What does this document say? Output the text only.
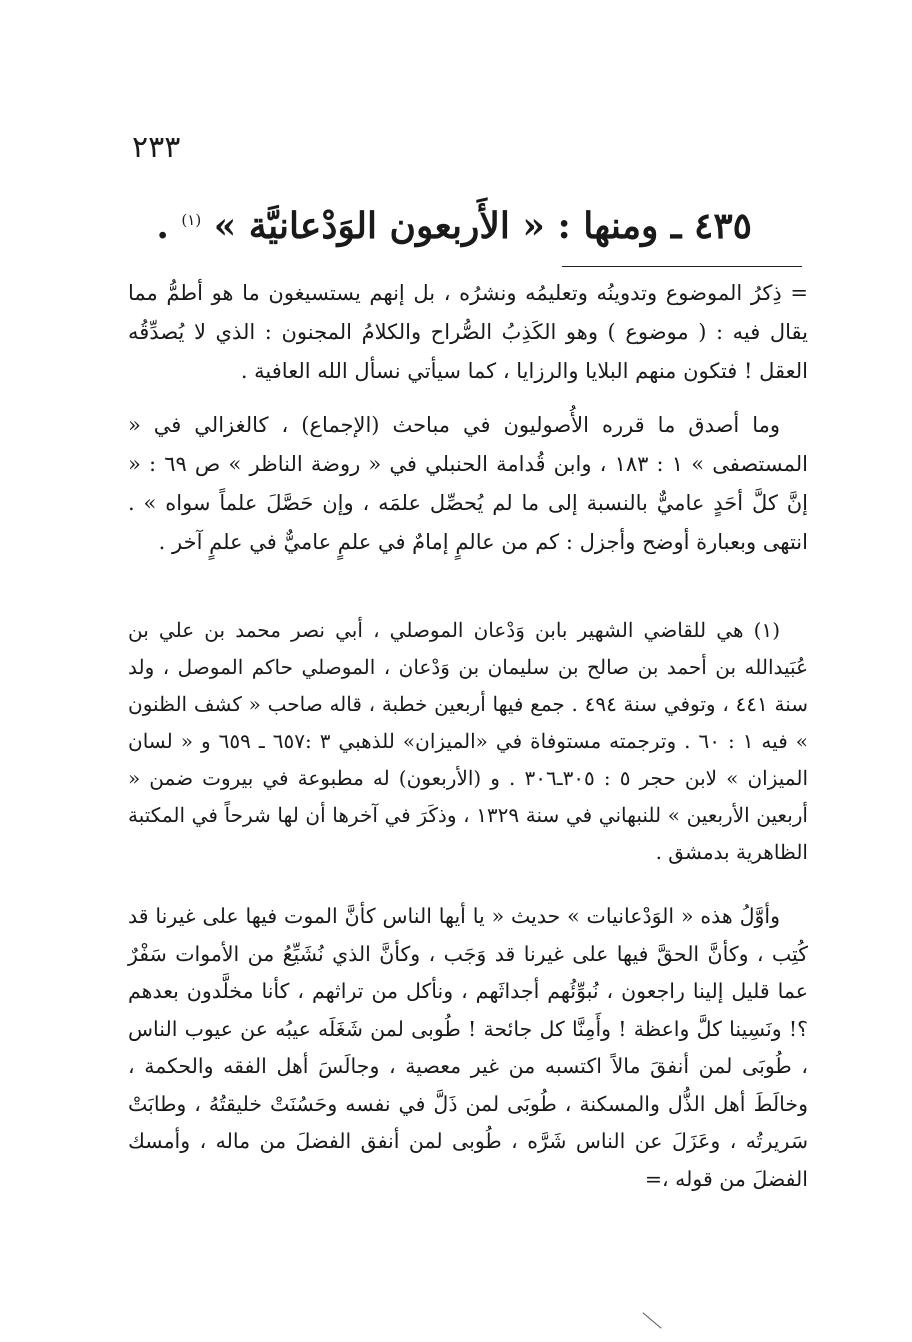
٢٣٣
٤٣٥ ـ ومنها : « الأَربعون الوَدْعانيَّة » $^{(١)}$ .

= ذِكرُ الموضوع وتدوينُه وتعليمُه ونشرُه ، بل إنهم يستسيغون ما هو أطمُّ مما يقال فيه : ( موضوع ) وهو الكَذِبُ الصُّراح والكلامُ المجنون : الذي لا يُصدِّقُه العقل ! فتكون منهم البلايا والرزايا ، كما سيأتي نسأل الله العافية .

وما أصدق ما قرره الأُصوليون في مباحث (الإجماع) ، كالغزالي في « المستصفى » ١ : ١٨٣ ، وابن قُدامة الحنبلي في « روضة الناظر » ص ٦٩ : « إنَّ كلَّ أحَدٍ عاميٌّ بالنسبة إلى ما لم يُحصِّل علمَه ، وإن حَصَّلَ علماً سواه » . انتهى وبعبارة أوضح وأجزل : كم من عالمٍ إمامٌ في علمٍ عاميٌّ في علمٍ آخر .

(١) هي للقاضي الشهير بابن وَدْعان الموصلي ، أبي نصر محمد بن علي بن عُبَيدالله بن أحمد بن صالح بن سليمان بن وَدْعان ، الموصلي حاكم الموصل ، ولد سنة ٤٤١ ، وتوفي سنة ٤٩٤ . جمع فيها أربعين خطبة ، قاله صاحب « كشف الظنون » فيه ١ : ٦٠ . وترجمته مستوفاة في «الميزان» للذهبي ٣ :٦٥٧ ـ ٦٥٩ و « لسان الميزان » لابن حجر ٥ : ٣٠٥ـ٣٠٦ . و (الأربعون) له مطبوعة في بيروت ضمن « أربعين الأربعين » للنبهاني في سنة ١٣٢٩ ، وذكَرَ في آخرها أن لها شرحاً في المكتبة الظاهرية بدمشق .

وأوَّلُ هذه « الوَدْعانيات » حديث « يا أيها الناس كأنَّ الموت فيها على غيرنا قد كُتِب ، وكأنَّ الحقَّ فيها على غيرنا قد وَجَب ، وكأنَّ الذي نُشَيِّعُ من الأموات سَفْرٌ عما قليل إلينا راجعون ، نُبوِّئُهم أجداثَهم ، ونأكل من تراثهم ، كأنا مخلَّدون بعدهم ؟! ونَسِينا كلَّ واعظة ! وأَمِنَّا كل جائحة ! طُوبى لمن شَغَلَه عيبُه عن عيوب الناس ، طُوبَى لمن أنفقَ مالاً اكتسبه من غير معصية ، وجالَسَ أهل الفقه والحكمة ، وخالَطَ أهل الذُّل والمسكنة ، طُوبَى لمن ذَلَّ في نفسه وحَسُنَتْ خليقتُهُ ، وطابَتْ سَريرتُه ، وعَزَلَ عن الناس شَرَّه ، طُوبى لمن أنفق الفضلَ من ماله ، وأمسك الفضلَ من قوله ،=
